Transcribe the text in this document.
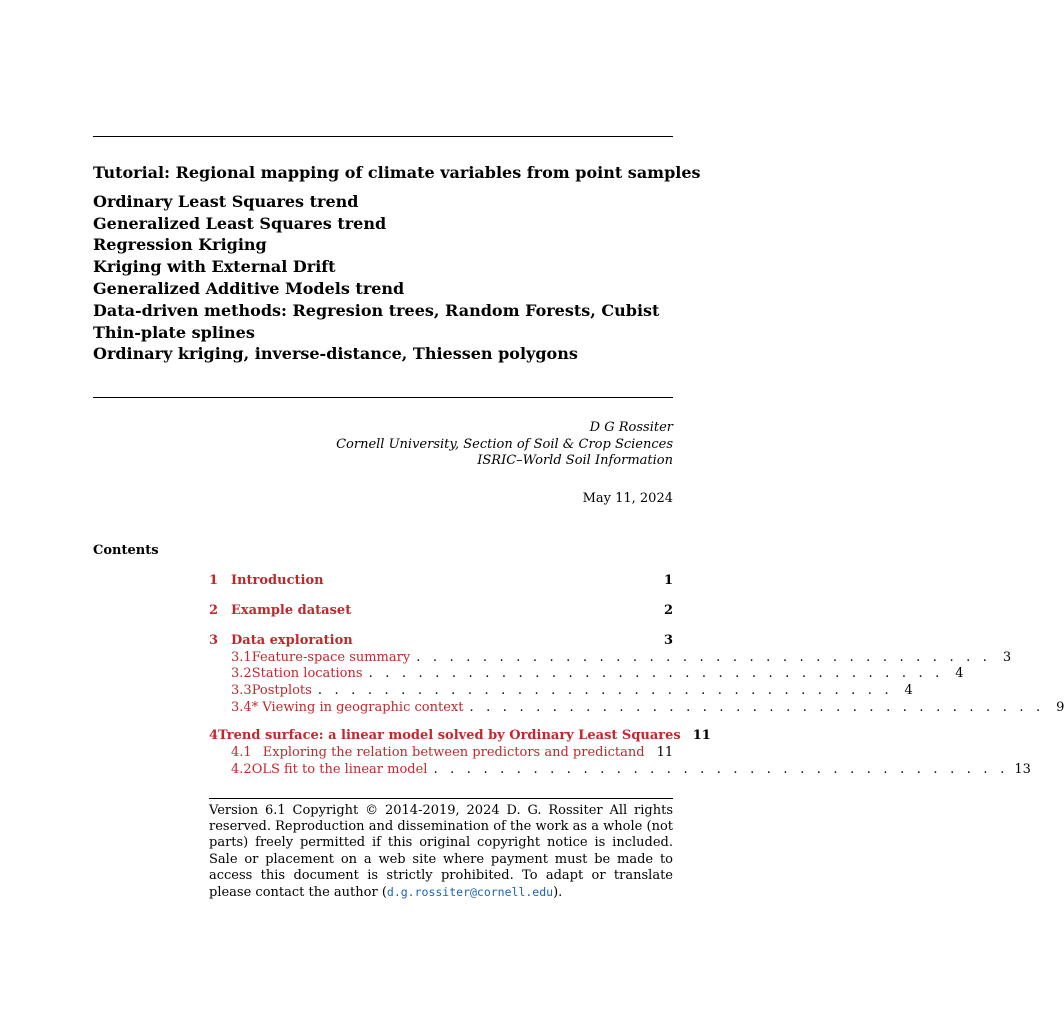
Tutorial: Regional mapping of climate variables from point samples
Ordinary Least Squares trend
Generalized Least Squares trend
Regression Kriging
Kriging with External Drift
Generalized Additive Models trend
Data-driven methods: Regresion trees, Random Forests, Cubist
Thin-plate splines
Ordinary kriging, inverse-distance, Thiessen polygons
D G Rossiter
Cornell University, Section of Soil & Crop Sciences
ISRIC–World Soil Information
May 11, 2024
Contents
1 Introduction	1
2 Example dataset	2
3 Data exploration	3
3.1 Feature-space summary . . . . . . . . . . . . . . . . . . . . . . . . . . . . . . . . . . . 3
3.2 Station locations . . . . . . . . . . . . . . . . . . . . . . . . . . . . . . . . . . . 4
3.3 Postplots . . . . . . . . . . . . . . . . . . . . . . . . . . . . . . . . . . . 4
3.4 * Viewing in geographic context . . . . . . . . . . . . . . . . . . . . . . . . . . . . . . . . . . . 9
4 Trend surface: a linear model solved by Ordinary Least Squares 11
4.1 Exploring the relation between predictors and predictand 11
4.2 OLS fit to the linear model . . . . . . . . . . . . . . . . . . . . . . . . . . . . . . . . . . . 13
Version 6.1 Copyright © 2014-2019, 2024 D. G. Rossiter All rights reserved. Reproduction and dissemination of the work as a whole (not parts) freely permitted if this original copyright notice is included. Sale or placement on a web site where payment must be made to access this document is strictly prohibited. To adapt or translate please contact the author (d.g.rossiter@cornell.edu).
